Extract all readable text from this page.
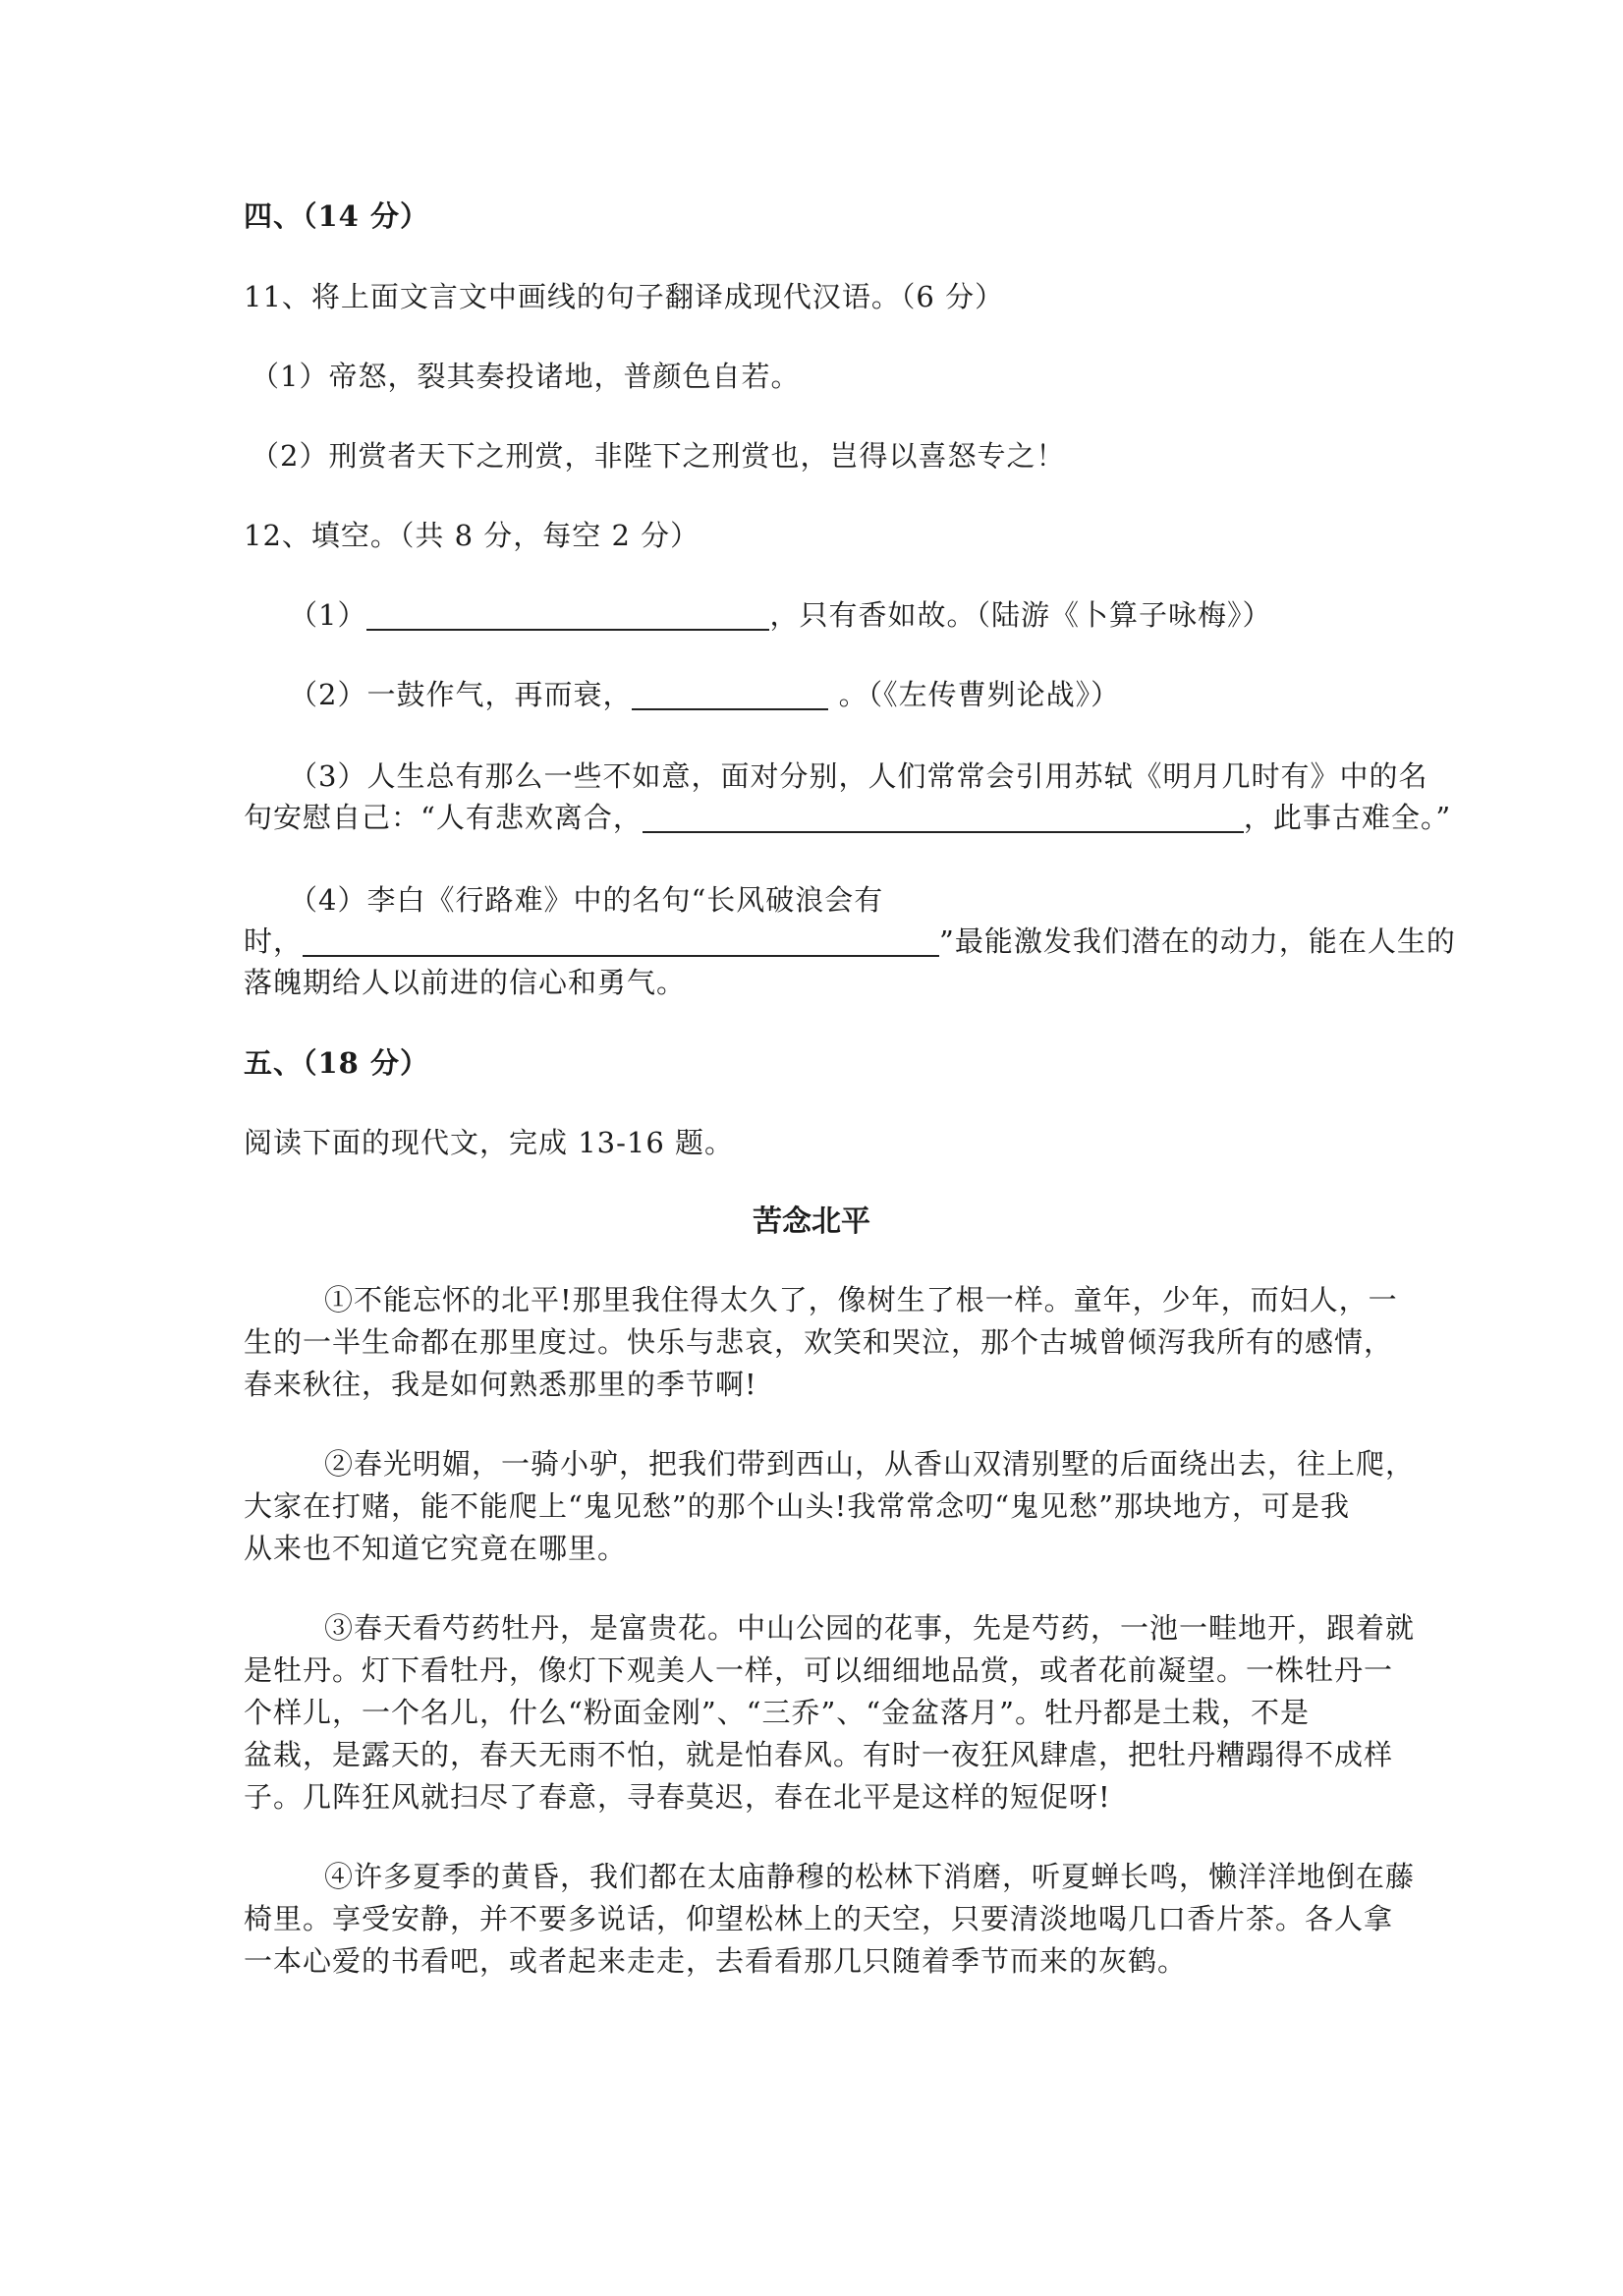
四、（14 分）
11、将上面文言文中画线的句子翻译成现代汉语。（6 分）
（1）帝怒，裂其奏投诸地，普颜色自若。
（2）刑赏者天下之刑赏，非陛下之刑赏也，岂得以喜怒专之！
12、填空。（共 8 分，每空 2 分）
（1）	，只有香如故。（陆游《卜算子咏梅》）
（2）一鼓作气，再而衰，	。（《左传曹刿论战》）
（3）人生总有那么一些不如意，面对分别，人们常常会引用苏轼《明月几时有》中的名
句安慰自己：“人有悲欢离合，	，此事古难全。”
（4）李白《行路难》中的名句“长风破浪会有
时，	”最能激发我们潜在的动力，能在人生的
落魄期给人以前进的信心和勇气。
五、（18 分）
阅读下面的现代文，完成 13-16 题。
苦念北平
①不能忘怀的北平!那里我住得太久了，像树生了根一样。童年，少年，而妇人，一
生的一半生命都在那里度过。快乐与悲哀，欢笑和哭泣，那个古城曾倾泻我所有的感情，
春来秋往，我是如何熟悉那里的季节啊!
②春光明媚，一骑小驴，把我们带到西山，从香山双清别墅的后面绕出去，往上爬，
大家在打赌，能不能爬上“鬼见愁”的那个山头!我常常念叨“鬼见愁”那块地方，可是我
从来也不知道它究竟在哪里。
③春天看芍药牡丹，是富贵花。中山公园的花事，先是芍药，一池一畦地开，跟着就
是牡丹。灯下看牡丹，像灯下观美人一样，可以细细地品赏，或者花前凝望。一株牡丹一
个样儿，一个名儿，什么“粉面金刚”、“三乔”、“金盆落月”。牡丹都是土栽，不是
盆栽，是露天的，春天无雨不怕，就是怕春风。有时一夜狂风肆虐，把牡丹糟蹋得不成样
子。几阵狂风就扫尽了春意，寻春莫迟，春在北平是这样的短促呀!
④许多夏季的黄昏，我们都在太庙静穆的松林下消磨，听夏蝉长鸣，懒洋洋地倒在藤
椅里。享受安静，并不要多说话，仰望松林上的天空，只要清淡地喝几口香片茶。各人拿
一本心爱的书看吧，或者起来走走，去看看那几只随着季节而来的灰鹤。
